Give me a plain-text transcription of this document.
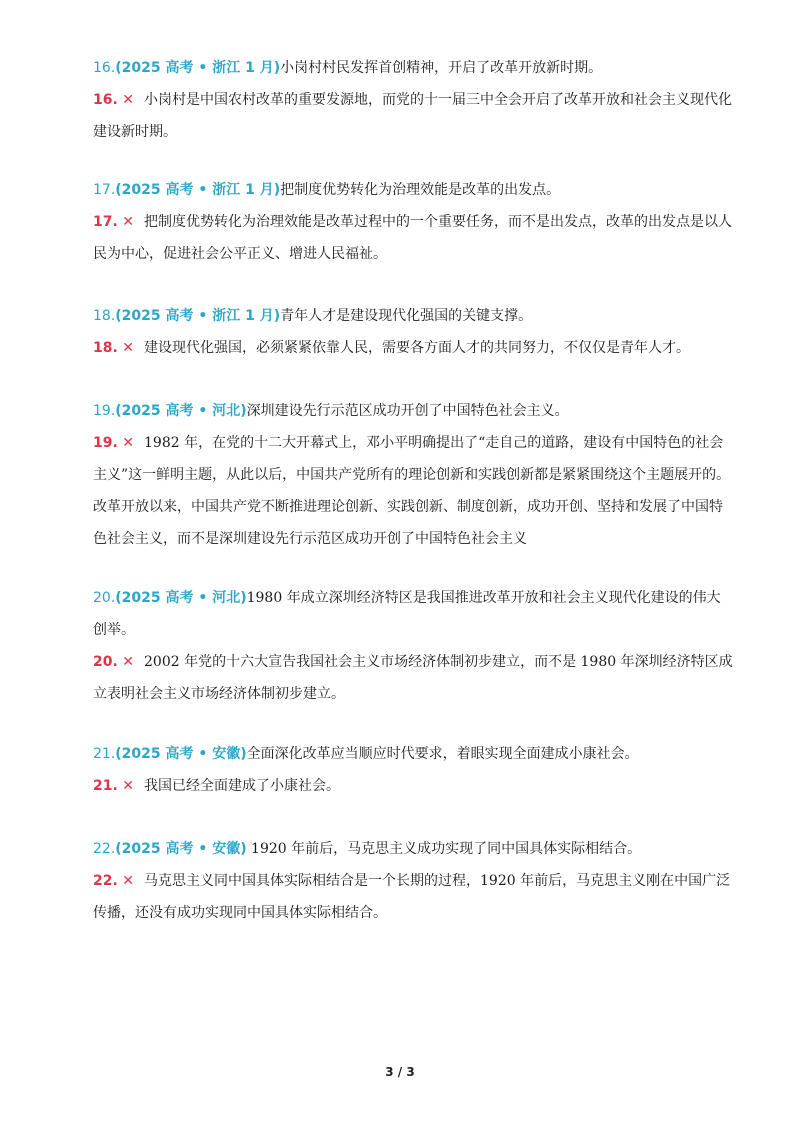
16.(2025 高考 • 浙江 1 月)小岗村村民发挥首创精神，开启了改革开放新时期。

16. ✕ 小岗村是中国农村改革的重要发源地，而党的十一届三中全会开启了改革开放和社会主义现代化建设新时期。

17.(2025 高考 • 浙江 1 月)把制度优势转化为治理效能是改革的出发点。

17. ✕ 把制度优势转化为治理效能是改革过程中的一个重要任务，而不是出发点，改革的出发点是以人民为中心，促进社会公平正义、增进人民福祉。

18.(2025 高考 • 浙江 1 月)青年人才是建设现代化强国的关键支撑。

18. ✕ 建设现代化强国，必须紧紧依靠人民，需要各方面人才的共同努力，不仅仅是青年人才。

19.(2025 高考 • 河北)深圳建设先行示范区成功开创了中国特色社会主义。

19. ✕ 1982 年，在党的十二大开幕式上，邓小平明确提出了“走自己的道路，建设有中国特色的社会主义”这一鲜明主题，从此以后，中国共产党所有的理论创新和实践创新都是紧紧围绕这个主题展开的。改革开放以来，中国共产党不断推进理论创新、实践创新、制度创新，成功开创、坚持和发展了中国特色社会主义，而不是深圳建设先行示范区成功开创了中国特色社会主义

20.(2025 高考 • 河北)1980 年成立深圳经济特区是我国推进改革开放和社会主义现代化建设的伟大创举。

20. ✕ 2002 年党的十六大宣告我国社会主义市场经济体制初步建立，而不是 1980 年深圳经济特区成立表明社会主义市场经济体制初步建立。

21.(2025 高考 • 安徽)全面深化改革应当顺应时代要求，着眼实现全面建成小康社会。

21. ✕ 我国已经全面建成了小康社会。

22.(2025 高考 • 安徽) 1920 年前后，马克思主义成功实现了同中国具体实际相结合。

22. ✕ 马克思主义同中国具体实际相结合是一个长期的过程，1920 年前后，马克思主义刚在中国广泛传播，还没有成功实现同中国具体实际相结合。

3 / 3
